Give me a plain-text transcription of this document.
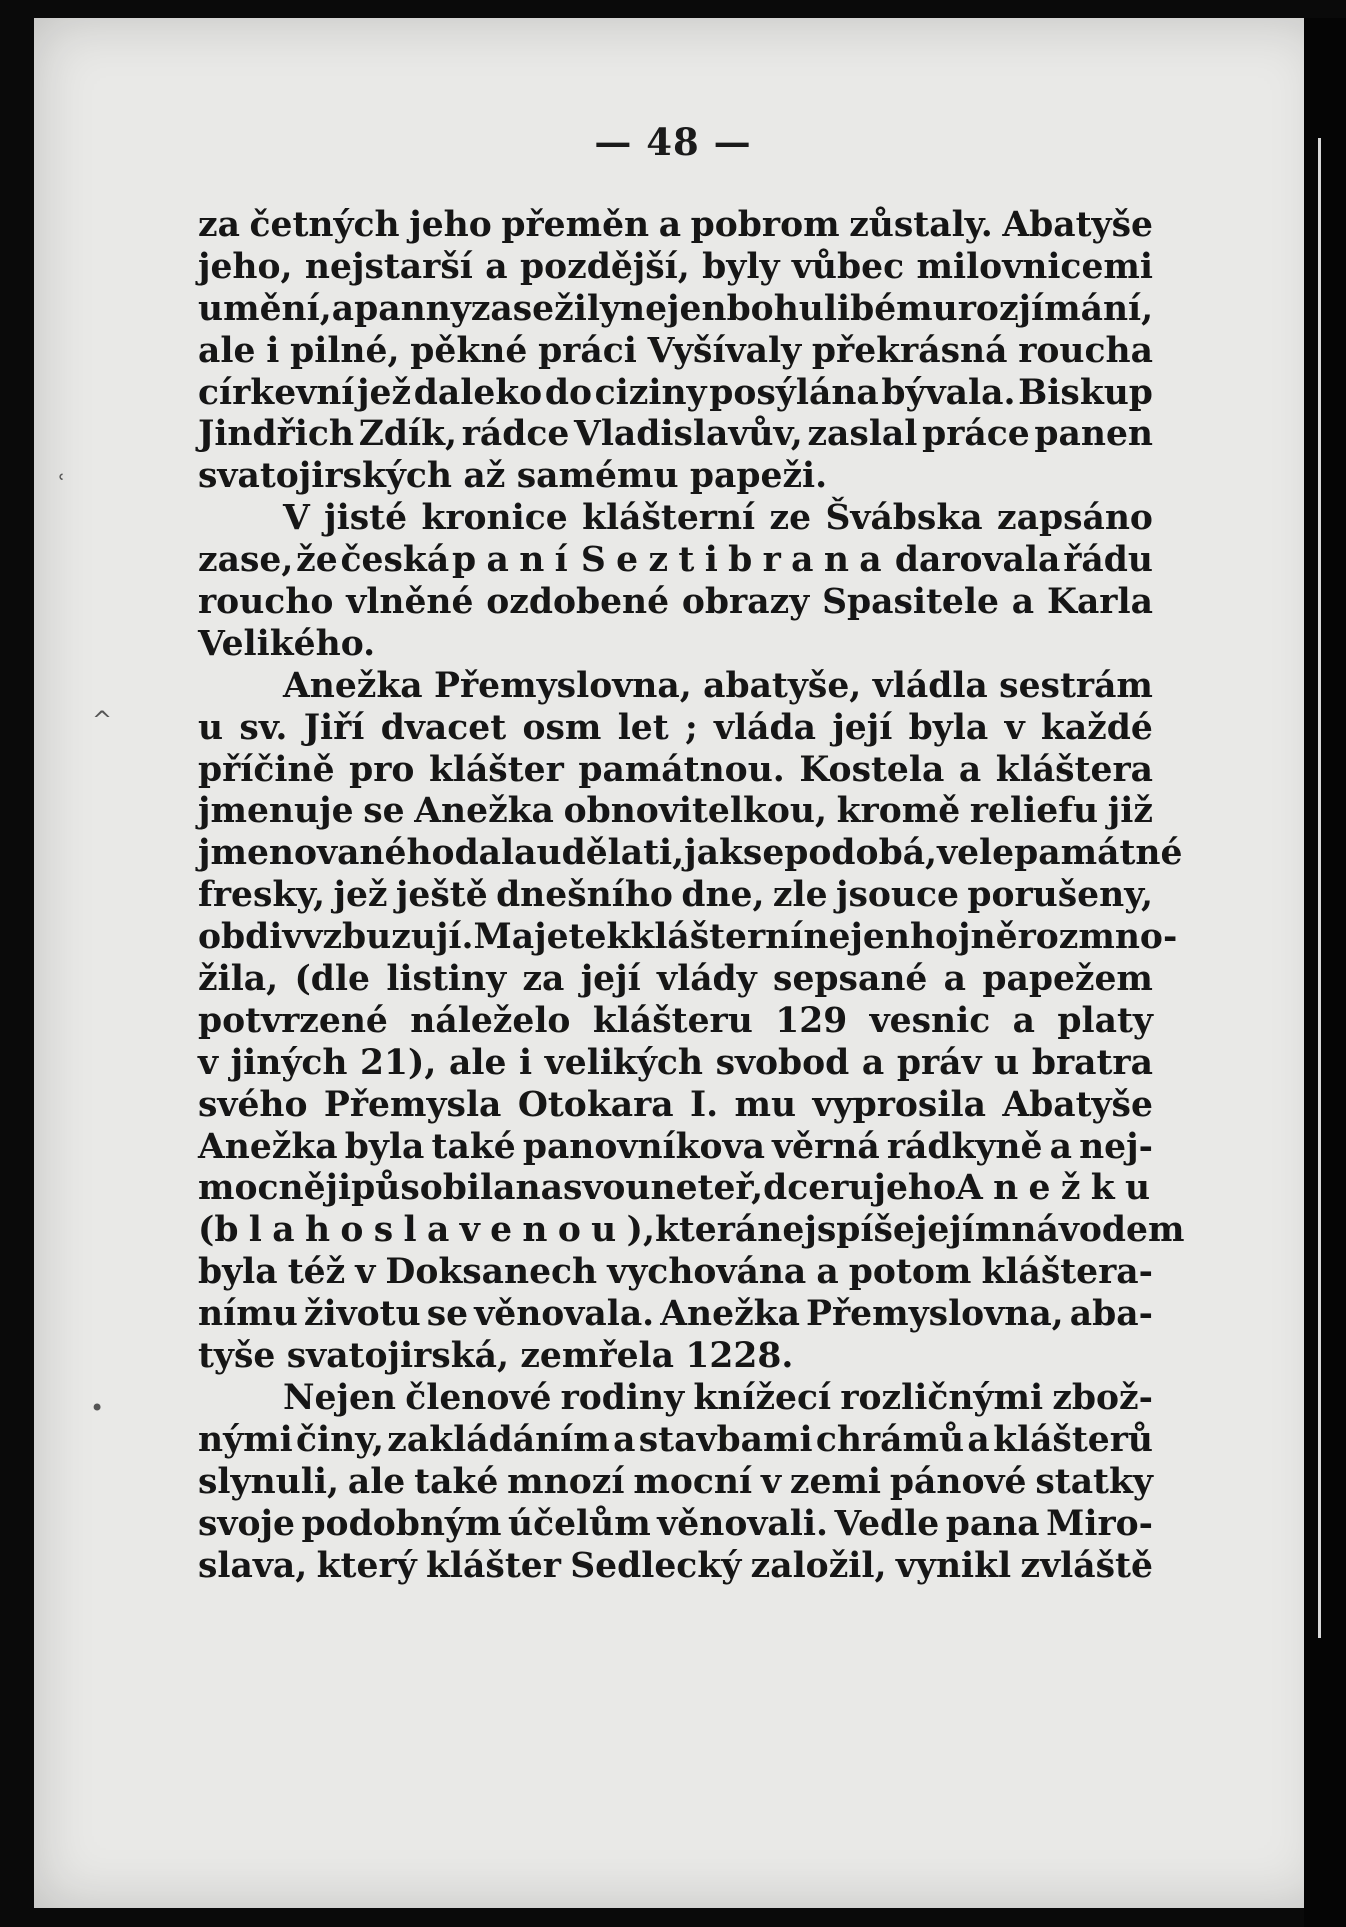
ʿ
^
•
— 48 —
za četných jeho přeměn a pobrom zůstaly. Abatyše
jeho, nejstarší a pozdější, byly vůbec milovnicemi
umění, a panny zase žily nejen bohulibému rozjímání,
ale i pilné, pěkné práci Vyšívaly překrásná roucha
církevní jež daleko do ciziny posýlána bývala. Biskup
Jindřich Zdík, rádce Vladislavův, zaslal práce panen
svatojirských až samému papeži.
V jisté kronice klášterní ze Švábska zapsáno
zase, že česká paní Seztibrana darovala řádu
roucho vlněné ozdobené obrazy Spasitele a Karla
Velikého.
Anežka Přemyslovna, abatyše, vládla sestrám
u sv. Jiří dvacet osm let ; vláda její byla v každé
příčině pro klášter památnou. Kostela a kláštera
jmenuje se Anežka obnovitelkou, kromě reliefu již
jmenovaného dala udělati, jak se podobá, velepamátné
fresky, jež ještě dnešního dne, zle jsouce porušeny,
obdiv vzbuzují. Majetek klášterní nejen hojně rozmno-
žila, (dle listiny za její vlády sepsané a papežem
potvrzené náleželo klášteru 129 vesnic a platy
v jiných 21), ale i velikých svobod a práv u bratra
svého Přemysla Otokara I. mu vyprosila Abatyše
Anežka byla také panovníkova věrná rádkyně a nej-
mocněji působila na svou neteř, dceru jeho Anežku
( blahoslavenou ), která nejspíše jejím návodem
byla též v Doksanech vychována a potom kláštera-
nímu životu se věnovala. Anežka Přemyslovna, aba-
tyše svatojirská, zemřela 1228.
Nejen členové rodiny knížecí rozličnými zbož-
nými činy, zakládáním a stavbami chrámů a klášterů
slynuli, ale také mnozí mocní v zemi pánové statky
svoje podobným účelům věnovali. Vedle pana Miro-
slava, který klášter Sedlecký založil, vynikl zvláště
